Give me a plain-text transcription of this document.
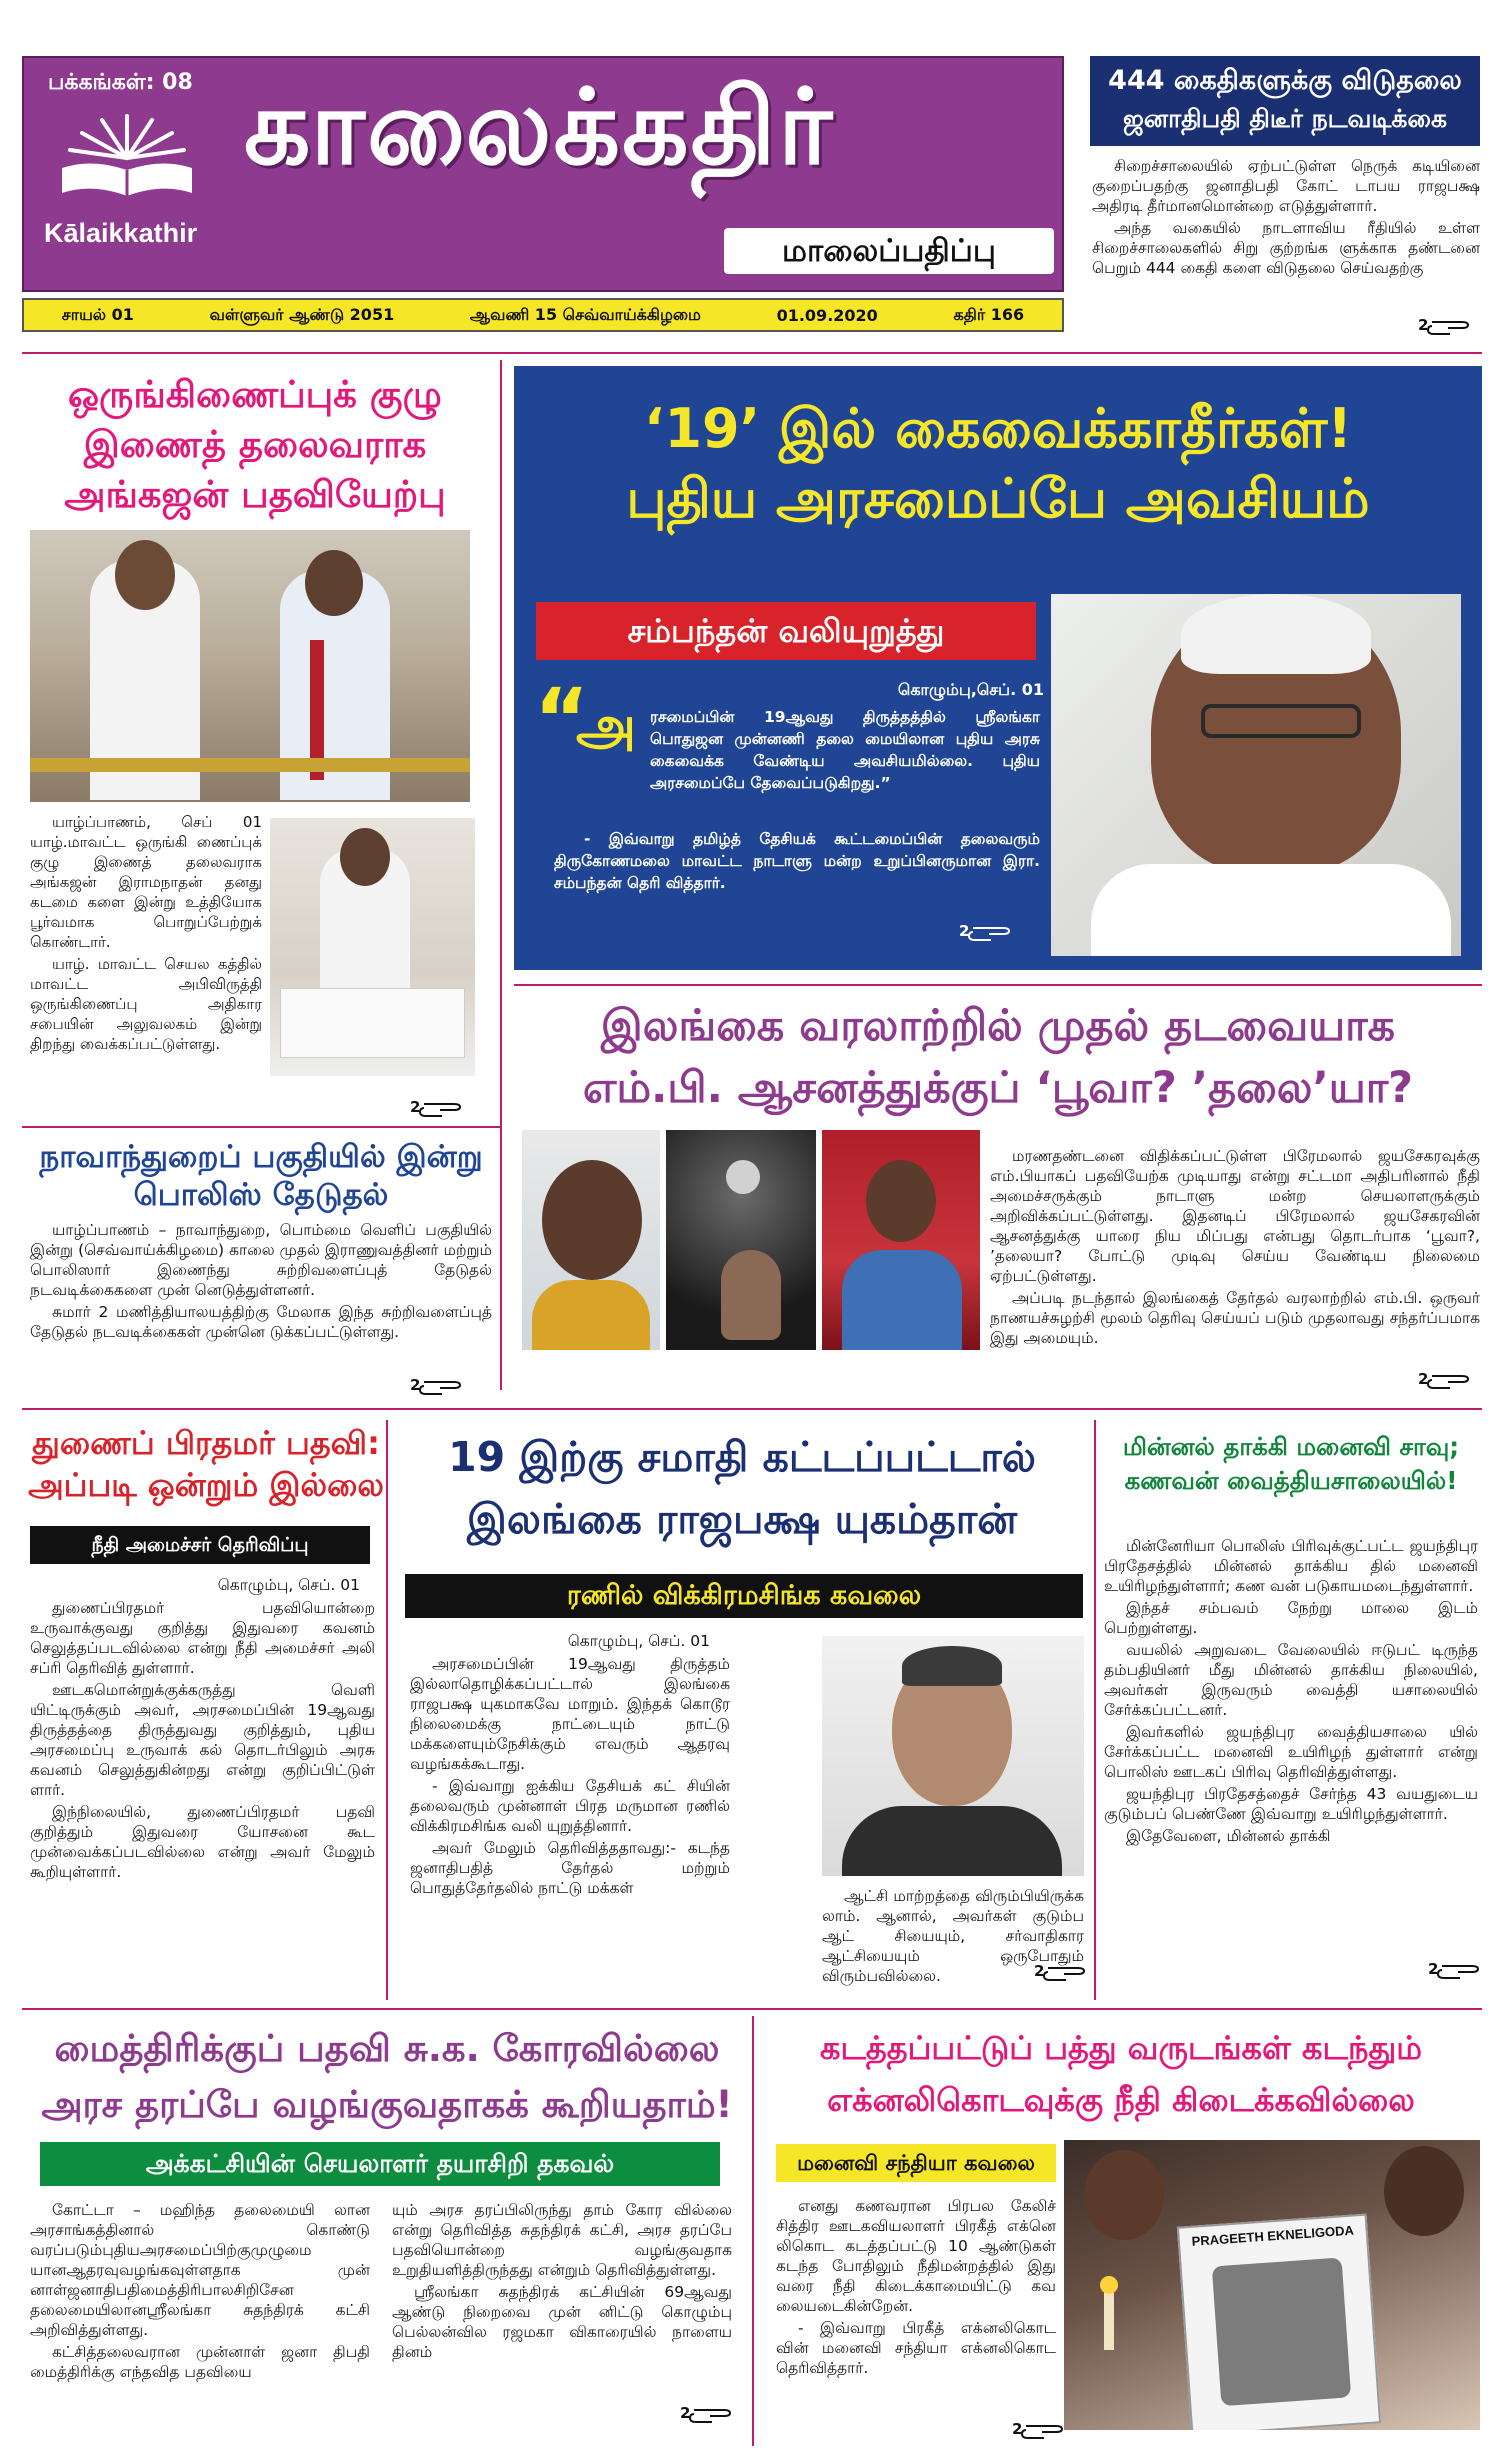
பக்கங்கள்: 08
Kālaikkathir
காலைக்கதிர்
மாலைப்பதிப்பு
சாயல் 01	வள்ளுவர் ஆண்டு 2051	ஆவணி 15 செவ்வாய்க்கிழமை	01.09.2020	கதிர் 166
444 கைதிகளுக்கு விடுதலை
ஜனாதிபதி திடீர் நடவடிக்கை

சிறைச்சாலையில் ஏற்பட்டுள்ள நெருக் கடியினை குறைப்பதற்கு ஜனாதிபதி கோட் டாபய ராஜபக்ஷ அதிரடி தீர்மானமொன்றை எடுத்துள்ளார்.

அந்த வகையில் நாடளாவிய ரீதியில் உள்ள சிறைச்சாலைகளில் சிறு குற்றங்க ளுக்காக தண்டனை பெறும் 444 கைதி களை விடுதலை செய்வதற்கு

2
ஒருங்கிணைப்புக் குழு இணைத் தலைவராக அங்கஜன் பதவியேற்பு

யாழ்ப்பாணம், செப் 01 யாழ்.மாவட்ட ஒருங்கி ணைப்புக் குழு இணைத் தலைவராக அங்கஜன் இராமநாதன் தனது கடமை களை இன்று உத்தியோக பூர்வமாக பொறுப்பேற்றுக் கொண்டார்.

யாழ். மாவட்ட செயல கத்தில் மாவட்ட அபிவிருத்தி ஒருங்கிணைப்பு அதிகார சபையின் அலுவலகம் இன்று திறந்து வைக்கப்பட்டுள்ளது.

2
‘19’ இல் கைவைக்காதீர்கள்!
புதிய அரசமைப்பே அவசியம்
சம்பந்தன் வலியுறுத்து
கொழும்பு,செப். 01
“
அ ரசமைப்பின் 19ஆவது திருத்தத்தில் ஸ்ரீலங்கா பொதுஜன முன்னணி தலை மையிலான புதிய அரசு கைவைக்க வேண்டிய அவசியமில்லை. புதிய அரசமைப்பே தேவைப்படுகிறது.”
- இவ்வாறு தமிழ்த் தேசியக் கூட்டமைப்பின் தலைவரும் திருகோணமலை மாவட்ட நாடாளு மன்ற உறுப்பினருமான இரா. சம்பந்தன் தெரி வித்தார்.
2
இலங்கை வரலாற்றில் முதல் தடவையாக
எம்.பி. ஆசனத்துக்குப் ‘பூவா? ’தலை’யா?

மரணதண்டனை விதிக்கப்பட்டுள்ள பிரேமலால் ஜயசேகரவுக்கு எம்.பியாகப் பதவியேற்க முடியாது என்று சட்டமா அதிபரினால் நீதி அமைச்சருக்கும் நாடாளு மன்ற செயலாளருக்கும் அறிவிக்கப்பட்டுள்ளது. இதனடிப் பிரேமலால் ஜயசேகரவின் ஆசனத்துக்கு யாரை நிய மிப்பது என்பது தொடர்பாக ‘பூவா?, ’தலையா? போட்டு முடிவு செய்ய வேண்டிய நிலைமை ஏற்பட்டுள்ளது.

அப்படி நடந்தால் இலங்கைத் தேர்தல் வரலாற்றில் எம்.பி. ஒருவர் நாணயச்சுழற்சி மூலம் தெரிவு செய்யப் படும் முதலாவது சந்தர்ப்பமாக இது அமையும்.

2
நாவாந்துறைப் பகுதியில் இன்று பொலிஸ் தேடுதல்

யாழ்ப்பாணம் – நாவாந்துறை, பொம்மை வெளிப் பகுதியில் இன்று (செவ்வாய்க்கிழமை) காலை முதல் இராணுவத்தினர் மற்றும் பொலிஸார் இணைந்து சுற்றிவளைப்புத் தேடுதல் நடவடிக்கைகளை முன் னெடுத்துள்ளனர்.

சுமார் 2 மணித்தியாலயத்திற்கு மேலாக இந்த சுற்றிவளைப்புத் தேடுதல் நடவடிக்கைகள் முன்னெ டுக்கப்பட்டுள்ளது.

2
துணைப் பிரதமர் பதவி: அப்படி ஒன்றும் இல்லை
நீதி அமைச்சர் தெரிவிப்பு
கொழும்பு, செப். 01

துணைப்பிரதமர் பதவியொன்றை உருவாக்குவது குறித்து இதுவரை கவனம் செலுத்தப்படவில்லை என்று நீதி அமைச்சர் அலி சப்ரி தெரிவித் துள்ளார்.

ஊடகமொன்றுக்குக்கருத்து வெளி யிட்டிருக்கும் அவர், அரசமைப்பின் 19ஆவது திருத்தத்தை திருத்துவது குறித்தும், புதிய அரசமைப்பு உருவாக் கல் தொடர்பிலும் அரசு கவனம் செலுத்துகின்றது என்று குறிப்பிட்டுள் ளார்.

இந்நிலையில், துணைப்பிரதமர் பதவி குறித்தும் இதுவரை யோசனை கூட முன்வைக்கப்படவில்லை என்று அவர் மேலும் கூறியுள்ளார்.

19 இற்கு சமாதி கட்டப்பட்டால்
இலங்கை ராஜபக்ஷ யுகம்தான்
ரணில் விக்கிரமசிங்க கவலை
கொழும்பு, செப். 01

அரசமைப்பின் 19ஆவது திருத்தம் இல்லாதொழிக்கப்பட்டால் இலங்கை ராஜபக்ஷ யுகமாகவே மாறும். இந்தக் கொடூர நிலைமைக்கு நாட்டையும் நாட்டு மக்களையும்நேசிக்கும் எவரும் ஆதரவு வழங்கக்கூடாது.

- இவ்வாறு ஐக்கிய தேசியக் கட் சியின் தலைவரும் முன்னாள் பிரத மருமான ரணில் விக்கிரமசிங்க வலி யுறுத்தினார்.

அவர் மேலும் தெரிவித்ததாவது:- கடந்த ஜனாதிபதித் தேர்தல் மற்றும் பொதுத்தேர்தலில் நாட்டு மக்கள்	ஆட்சி மாற்றத்தை விரும்பியிருக்க லாம். ஆனால், அவர்கள் குடும்ப ஆட் சியையும், சர்வாதிகார ஆட்சியையும் ஒருபோதும் விரும்பவில்லை.	2
மின்னல் தாக்கி மனைவி சாவு; கணவன் வைத்தியசாலையில்!

மின்னேரியா பொலிஸ் பிரிவுக்குட்பட்ட ஜயந்திபுர பிரதேசத்தில் மின்னல் தாக்கிய தில் மனைவி உயிரிழந்துள்ளார்; கண வன் படுகாயமடைந்துள்ளார்.

இந்தச் சம்பவம் நேற்று மாலை இடம் பெற்றுள்ளது.

வயலில் அறுவடை வேலையில் ஈடுபட் டிருந்த தம்பதியினர் மீது மின்னல் தாக்கிய நிலையில், அவர்கள் இருவரும் வைத்தி யசாலையில் சேர்க்கப்பட்டனர்.

இவர்களில் ஜயந்திபுர வைத்தியசாலை யில் சேர்க்கப்பட்ட மனைவி உயிரிழந் துள்ளார் என்று பொலிஸ் ஊடகப் பிரிவு தெரிவித்துள்ளது.

ஜயந்திபுர பிரதேசத்தைச் சேர்ந்த 43 வயதுடைய குடும்பப் பெண்ணே இவ்வாறு உயிரிழந்துள்ளார்.

இதேவேளை, மின்னல் தாக்கி

2
மைத்திரிக்குப் பதவி சு.க. கோரவில்லை
அரச தரப்பே வழங்குவதாகக் கூறியதாம்!
அக்கட்சியின் செயலாளர் தயாசிறி தகவல்

கோட்டா – மஹிந்த தலைமையி லான அரசாங்கத்தினால் கொண்டு வரப்படும்புதியஅரசமைப்பிற்குமுழுமை யானஆதரவுவழங்கவுள்ளதாக முன் னாள்ஜனாதிபதிமைத்திரிபாலசிறிசேன தலைமையிலானஸ்ரீலங்கா சுதந்திரக் கட்சி அறிவித்துள்ளது.

கட்சித்தலைவரான முன்னாள் ஜனா திபதி மைத்திரிக்கு எந்தவித பதவியை

யும் அரச தரப்பிலிருந்து தாம் கோர வில்லை என்று தெரிவித்த சுதந்திரக் கட்சி, அரச தரப்பே பதவியொன்றை வழங்குவதாக உறுதியளித்திருந்தது என்றும் தெரிவித்துள்ளது.

ஸ்ரீலங்கா சுதந்திரக் கட்சியின் 69ஆவது ஆண்டு நிறைவை முன் னிட்டு கொழும்பு பெல்லன்வில ரஜமகா விகாரையில் நாளைய தினம்

2
கடத்தப்பட்டுப் பத்து வருடங்கள் கடந்தும்
எக்னலிகொடவுக்கு நீதி கிடைக்கவில்லை
மனைவி சந்தியா கவலை

எனது கணவரான பிரபல கேலிச் சித்திர ஊடகவியலாளர் பிரகீத் எக்னெ லிகொட கடத்தப்பட்டு 10 ஆண்டுகள் கடந்த போதிலும் நீதிமன்றத்தில் இது வரை நீதி கிடைக்காமையிட்டு கவ லையடைகின்றேன்.

- இவ்வாறு பிரகீத் எக்னலிகொட வின் மனைவி சந்தியா எக்னலிகொட தெரிவித்தார்.

PRAGEETH EKNELIGODA
2
